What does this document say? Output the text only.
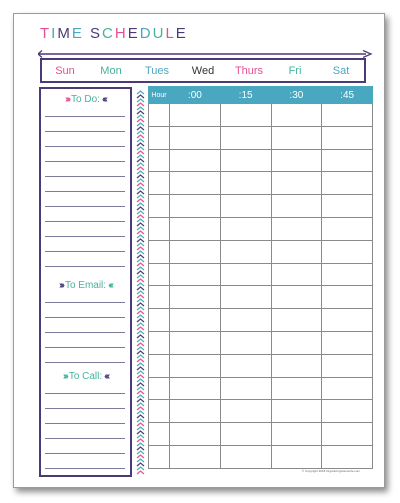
TIME SCHEDULE
Sun	Mon	Tues	Wed	Thurs	Fri	Sat
››› To Do: ‹‹‹
››› To Email: ‹‹‹
››› To Call: ‹‹‹
Hour	:00	:15	:30	:45

© Copyright 2018 OrganizingHomeLife.com
